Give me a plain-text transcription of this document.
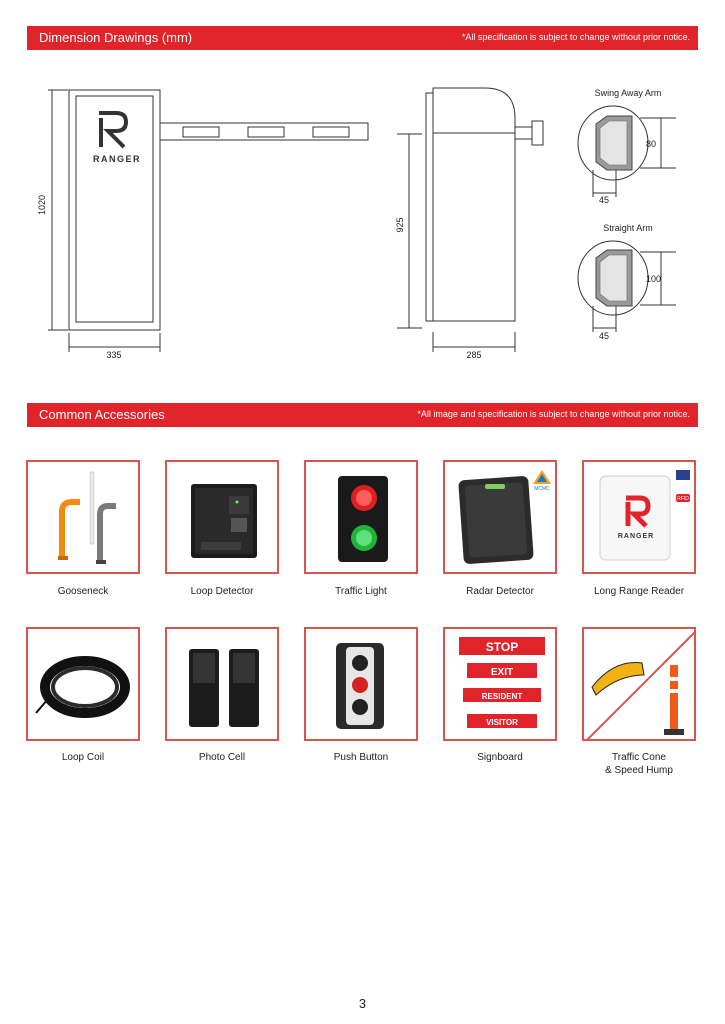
Dimension Drawings (mm)	*All specification is subject to change without prior notice.
RANGER
1020
335
925
285
Swing Away Arm
80
45
Straight Arm
100
45
Common Accessories	*All image and specification is subject to change without prior notice.
MCMC
RANGER
RFID
Gooseneck	Loop Detector	Traffic Light	Radar Detector	Long Range Reader
STOP
EXIT
RESIDENT
VISITOR
Loop Coil	Photo Cell	Push Button	Signboard	Traffic Cone
& Speed Hump
3
